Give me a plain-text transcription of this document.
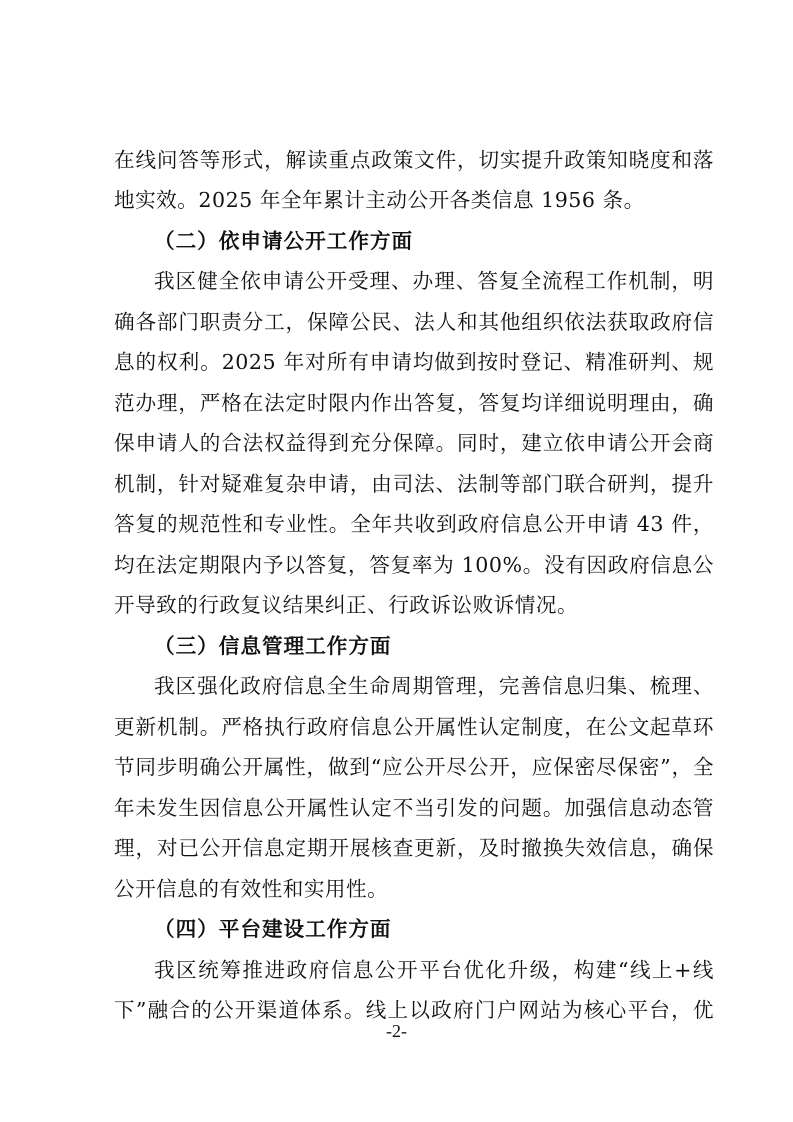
在线问答等形式，解读重点政策文件，切实提升政策知晓度和落
地实效。2025 年全年累计主动公开各类信息 1956 条。
（二）依申请公开工作方面
我区健全依申请公开受理、办理、答复全流程工作机制，明
确各部门职责分工，保障公民、法人和其他组织依法获取政府信
息的权利。2025 年对所有申请均做到按时登记、精准研判、规
范办理，严格在法定时限内作出答复，答复均详细说明理由，确
保申请人的合法权益得到充分保障。同时，建立依申请公开会商
机制，针对疑难复杂申请，由司法、法制等部门联合研判，提升
答复的规范性和专业性。全年共收到政府信息公开申请 43 件，
均在法定期限内予以答复，答复率为 100%。没有因政府信息公
开导致的行政复议结果纠正、行政诉讼败诉情况。
（三）信息管理工作方面
我区强化政府信息全生命周期管理，完善信息归集、梳理、
更新机制。严格执行政府信息公开属性认定制度，在公文起草环
节同步明确公开属性，做到“应公开尽公开，应保密尽保密”，全
年未发生因信息公开属性认定不当引发的问题。加强信息动态管
理，对已公开信息定期开展核查更新，及时撤换失效信息，确保
公开信息的有效性和实用性。
（四）平台建设工作方面
我区统筹推进政府信息公开平台优化升级，构建“线上+线
下”融合的公开渠道体系。线上以政府门户网站为核心平台，优
-2-
